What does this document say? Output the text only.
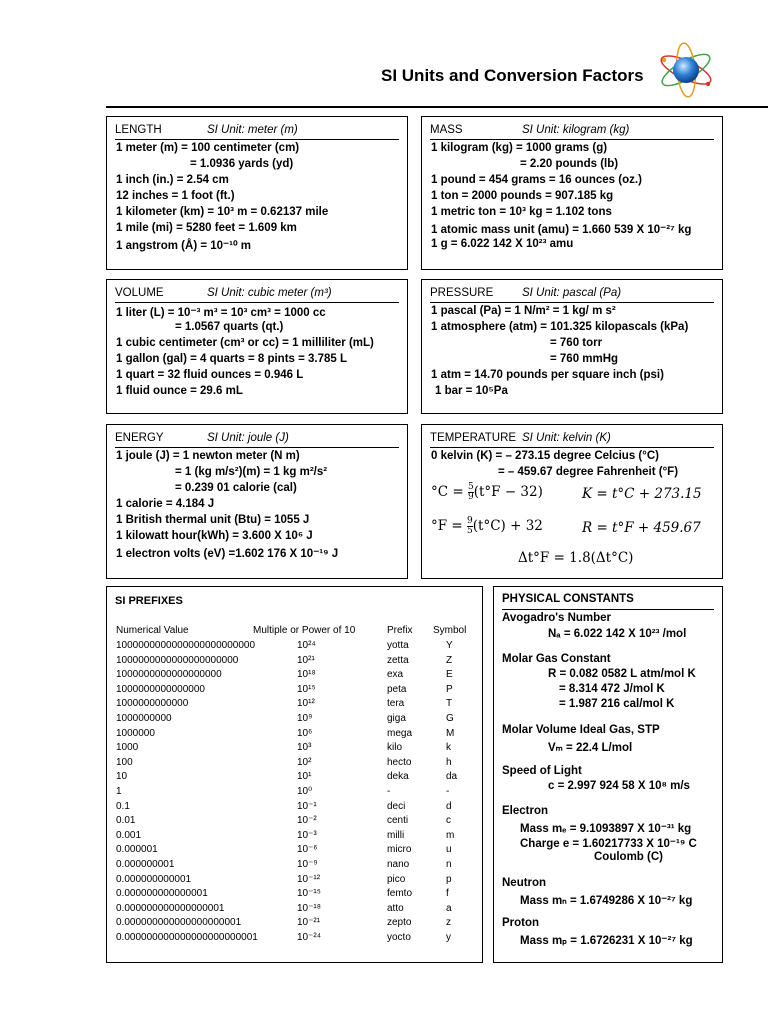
SI Units and Conversion Factors
LENGTH	SI Unit: meter (m)
1 meter (m) = 100 centimeter (cm)
= 1.0936 yards (yd)
1 inch (in.) = 2.54 cm
12 inches = 1 foot (ft.)
1 kilometer (km) = 10³ m = 0.62137 mile
1 mile (mi) = 5280 feet = 1.609 km
1 angstrom (Å) = 10⁻¹⁰ m
MASS	SI Unit: kilogram (kg)
1 kilogram (kg) = 1000 grams (g)
= 2.20 pounds (lb)
1 pound = 454 grams = 16 ounces (oz.)
1 ton = 2000 pounds = 907.185 kg
1 metric ton = 10³ kg = 1.102 tons
1 atomic mass unit (amu) = 1.660 539 X 10⁻²⁷ kg
1 g = 6.022 142 X 10²³ amu
VOLUME	SI Unit: cubic meter (m³)
1 liter (L) = 10⁻³ m³ = 10³ cm³ = 1000 cc
= 1.0567 quarts (qt.)
1 cubic centimeter (cm³ or cc) = 1 milliliter (mL)
1 gallon (gal) = 4 quarts = 8 pints = 3.785 L
1 quart = 32 fluid ounces = 0.946 L
1 fluid ounce = 29.6 mL
PRESSURE SI Unit: pascal (Pa)
1 pascal (Pa) = 1 N/m² = 1 kg/ m s²
1 atmosphere (atm) = 101.325 kilopascals (kPa)
= 760 torr
= 760 mmHg
1 atm = 14.70 pounds per square inch (psi)
1 bar = 10⁵Pa
ENERGY	SI Unit: joule (J)
1 joule (J) = 1 newton meter (N m)
= 1 (kg m/s²)(m) = 1 kg m²/s²
= 0.239 01 calorie (cal)
1 calorie = 4.184 J
1 British thermal unit (Btu) = 1055 J
1 kilowatt hour(kWh) = 3.600 X 10⁶ J
1 electron volts (eV) =1.602 176 X 10⁻¹⁹ J
TEMPERATURE SI Unit: kelvin (K)
0 kelvin (K) = – 273.15 degree Celcius (°C)
= – 459.67 degree Fahrenheit (°F)
$^\circ C = \frac{5}{9} (t^\circ F - 32)$	K = t°C + 273.15
$^\circ F = \frac{9}{5} (t^\circ C) + 32$	R = t°F + 459.67
Δt°F = 1.8(Δt°C)
SI PREFIXES
Numerical Value	Multiple or Power of 10	Prefix Symbol
1000000000000000000000000	10²⁴	yotta	Y
1000000000000000000000	10²¹	zetta	Z
1000000000000000000	10¹⁸	exa	E
1000000000000000	10¹⁵	peta	P
1000000000000	10¹²	tera	T
1000000000	10⁹	giga	G
1000000	10⁶	mega	M
1000	10³	kilo	k
100	10²	hecto	h
10	10¹	deka	da
1	10⁰	-	-
0.1	10⁻¹	deci	d
0.01	10⁻²	centi	c
0.001	10⁻³	milli	m
0.000001	10⁻⁶	micro	u
0.000000001	10⁻⁹	nano	n
0.000000000001	10⁻¹²	pico	p
0.000000000000001	10⁻¹⁵	femto	f
0.000000000000000001	10⁻¹⁸	atto	a
0.000000000000000000001	10⁻²¹	zepto	z
0.000000000000000000000001	10⁻²⁴	yocto	y
PHYSICAL CONSTANTS
Avogadro's Number
Nₐ = 6.022 142 X 10²³ /mol
Molar Gas Constant
R = 0.082 0582 L atm/mol K
= 8.314 472 J/mol K
= 1.987 216 cal/mol K
Molar Volume Ideal Gas, STP
Vₘ = 22.4 L/mol
Speed of Light
c = 2.997 924 58 X 10⁸ m/s
Electron
Mass mₑ = 9.1093897 X 10⁻³¹ kg
Charge e = 1.60217733 X 10⁻¹⁹ C
Coulomb (C)
Neutron
Mass mₙ = 1.6749286 X 10⁻²⁷ kg
Proton
Mass mₚ = 1.6726231 X 10⁻²⁷ kg
